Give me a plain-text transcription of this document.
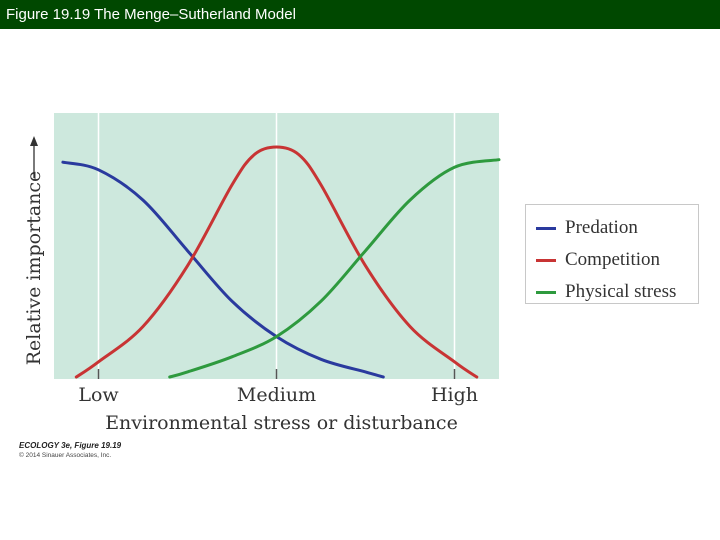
Figure 19.19 The Menge–Sutherland Model
Low	Medium	High
Environmental stress or disturbance
Relative importance	Predation
Competition
Physical stress
ECOLOGY 3e, Figure 19.19
© 2014 Sinauer Associates, Inc.
